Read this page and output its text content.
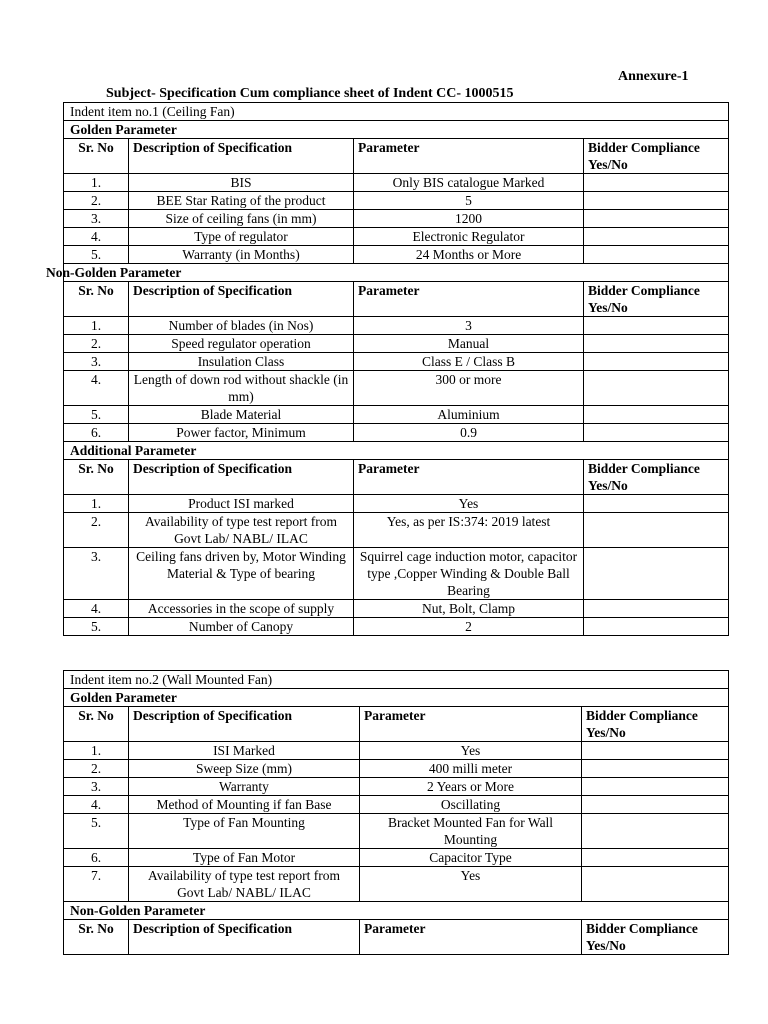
Annexure-1
Subject- Specification Cum compliance sheet of Indent CC- 1000515
Indent item no.1 (Ceiling Fan)			
Golden Parameter			
Sr. No	Description of Specification	Parameter	Bidder Compliance Yes/No
1.	BIS	Only BIS catalogue Marked	
2.	BEE Star Rating of the product	5	
3.	Size of ceiling fans (in mm)	1200	
4.	Type of regulator	Electronic Regulator	
5.	Warranty (in Months)	24 Months or More	
Non-Golden Parameter			
Sr. No	Description of Specification	Parameter	Bidder Compliance Yes/No
1.	Number of blades (in Nos)	3	
2.	Speed regulator operation	Manual	
3.	Insulation Class	Class E / Class B	
4.	Length of down rod without shackle (in mm)	300 or more	
5.	Blade Material	Aluminium	
6.	Power factor, Minimum	0.9	
Additional Parameter			
Sr. No	Description of Specification	Parameter	Bidder Compliance Yes/No
1.	Product ISI marked	Yes	
2.	Availability of type test report from Govt Lab/ NABL/ ILAC	Yes, as per IS:374: 2019 latest	
3.	Ceiling fans driven by, Motor Winding Material & Type of bearing	Squirrel cage induction motor, capacitor type ,Copper Winding & Double Ball Bearing	
4.	Accessories in the scope of supply	Nut, Bolt, Clamp	
5.	Number of Canopy	2	
Indent item no.2 (Wall Mounted Fan)			
Golden Parameter			
Sr. No	Description of Specification	Parameter	Bidder Compliance Yes/No
1.	ISI Marked	Yes	
2.	Sweep Size (mm)	400 milli meter	
3.	Warranty	2 Years or More	
4.	Method of Mounting if fan Base	Oscillating	
5.	Type of Fan Mounting	Bracket Mounted Fan for Wall Mounting	
6.	Type of Fan Motor	Capacitor Type	
7.	Availability of type test report from Govt Lab/ NABL/ ILAC	Yes	
Non-Golden Parameter			
Sr. No	Description of Specification	Parameter	Bidder Compliance Yes/No
